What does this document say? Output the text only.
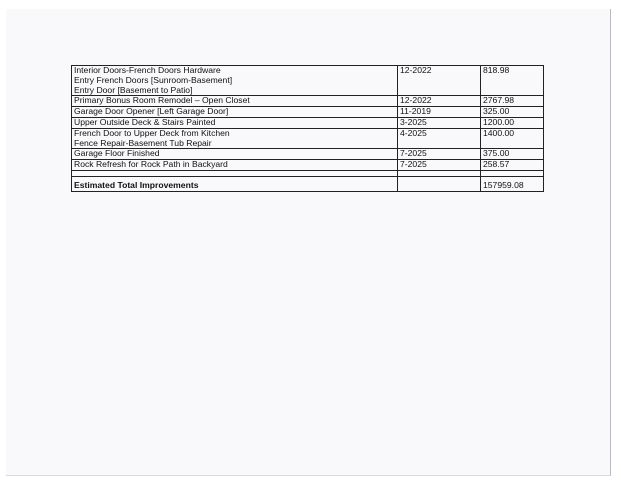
Interior Doors-French Doors Hardware
Entry French Doors [Sunroom-Basement]
Entry Door [Basement to Patio]	12-2022	818.98

Primary Bonus Room Remodel – Open Closet	12-2022	2767.98

Garage Door Opener [Left Garage Door]	11-2019	325.00

Upper Outside Deck & Stairs Painted	3-2025	1200.00

French Door to Upper Deck from Kitchen
Fence Repair-Basement Tub Repair	4-2025	1400.00

Garage Floor Finished	7-2025	375.00

Rock Refresh for Rock Path in Backyard	7-2025	258.57

Estimated Total Improvements		157959.08
